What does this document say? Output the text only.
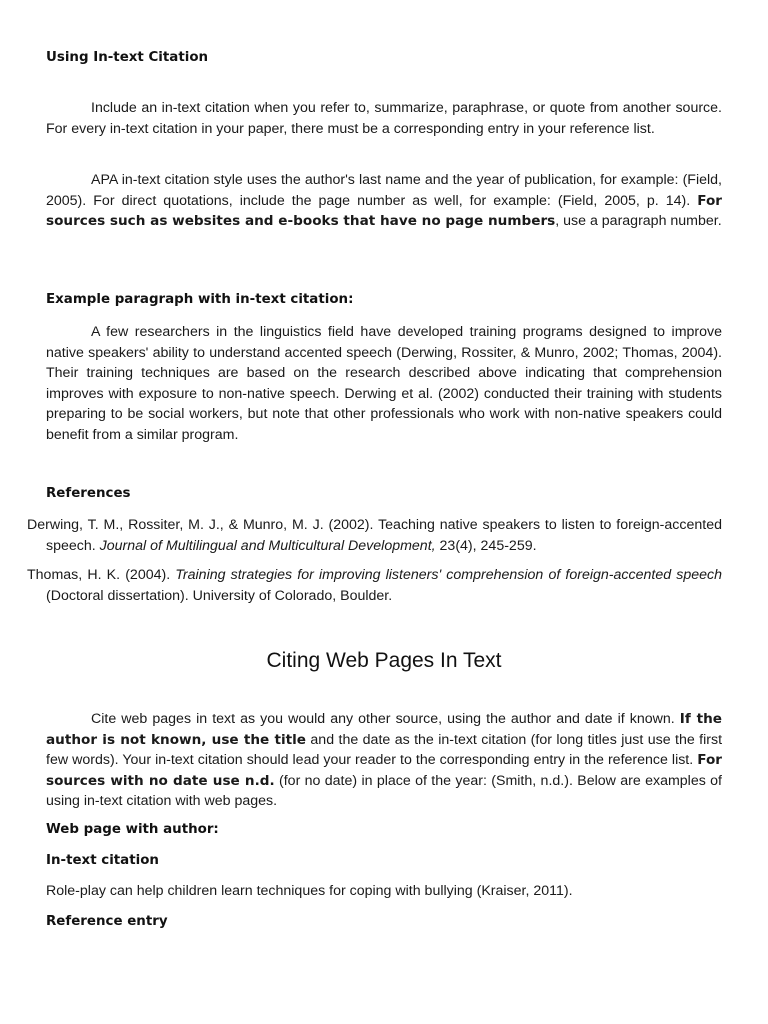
Using In-text Citation
Include an in-text citation when you refer to, summarize, paraphrase, or quote from another source. For every in-text citation in your paper, there must be a corresponding entry in your reference list.
APA in-text citation style uses the author's last name and the year of publication, for example: (Field, 2005). For direct quotations, include the page number as well, for example: (Field, 2005, p. 14). For sources such as websites and e-books that have no page numbers, use a paragraph number.
Example paragraph with in-text citation:
A few researchers in the linguistics field have developed training programs designed to improve native speakers' ability to understand accented speech (Derwing, Rossiter, & Munro, 2002; Thomas, 2004). Their training techniques are based on the research described above indicating that comprehension improves with exposure to non-native speech. Derwing et al. (2002) conducted their training with students preparing to be social workers, but note that other professionals who work with non-native speakers could benefit from a similar program.
References
Derwing, T. M., Rossiter, M. J., & Munro, M. J. (2002). Teaching native speakers to listen to foreign-accented speech. Journal of Multilingual and Multicultural Development, 23(4), 245-259.
Thomas, H. K. (2004). Training strategies for improving listeners' comprehension of foreign-accented speech (Doctoral dissertation). University of Colorado, Boulder.
Citing Web Pages In Text
Cite web pages in text as you would any other source, using the author and date if known. If the author is not known, use the title and the date as the in-text citation (for long titles just use the first few words). Your in-text citation should lead your reader to the corresponding entry in the reference list. For sources with no date use n.d. (for no date) in place of the year: (Smith, n.d.). Below are examples of using in-text citation with web pages.
Web page with author:
In-text citation
Role-play can help children learn techniques for coping with bullying (Kraiser, 2011).
Reference entry
